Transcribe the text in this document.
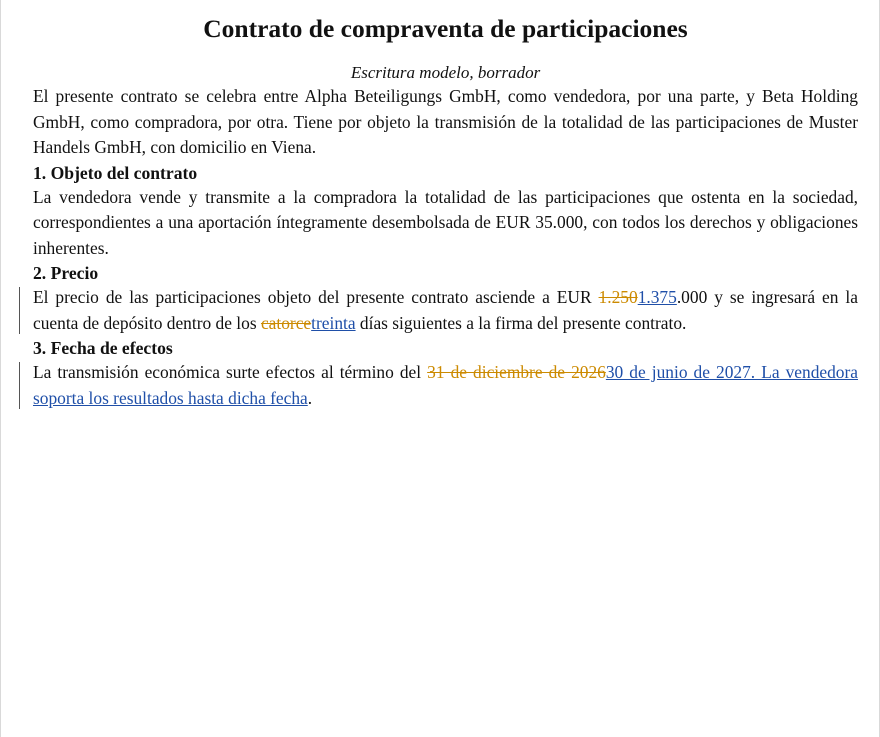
Contrato de compraventa de participaciones

Escritura modelo, borrador

El presente contrato se celebra entre Alpha Beteiligungs GmbH, como vendedora, por una parte, y Beta Holding GmbH, como compradora, por otra. Tiene por objeto la transmisión de la totalidad de las participaciones de Muster Handels GmbH, con domicilio en Viena.

1. Objeto del contrato

La vendedora vende y transmite a la compradora la totalidad de las participaciones que ostenta en la sociedad, correspondientes a una aportación íntegramente desembolsada de EUR 35.000, con todos los derechos y obligaciones inherentes.

2. Precio

El precio de las participaciones objeto del presente contrato asciende a EUR 1.2501.375.000 y se ingresará en la cuenta de depósito dentro de los catorcetreinta días siguientes a la firma del presente contrato.

3. Fecha de efectos

La transmisión económica surte efectos al término del 31 de diciembre de 202630 de junio de 2027. La vendedora soporta los resultados hasta dicha fecha.
